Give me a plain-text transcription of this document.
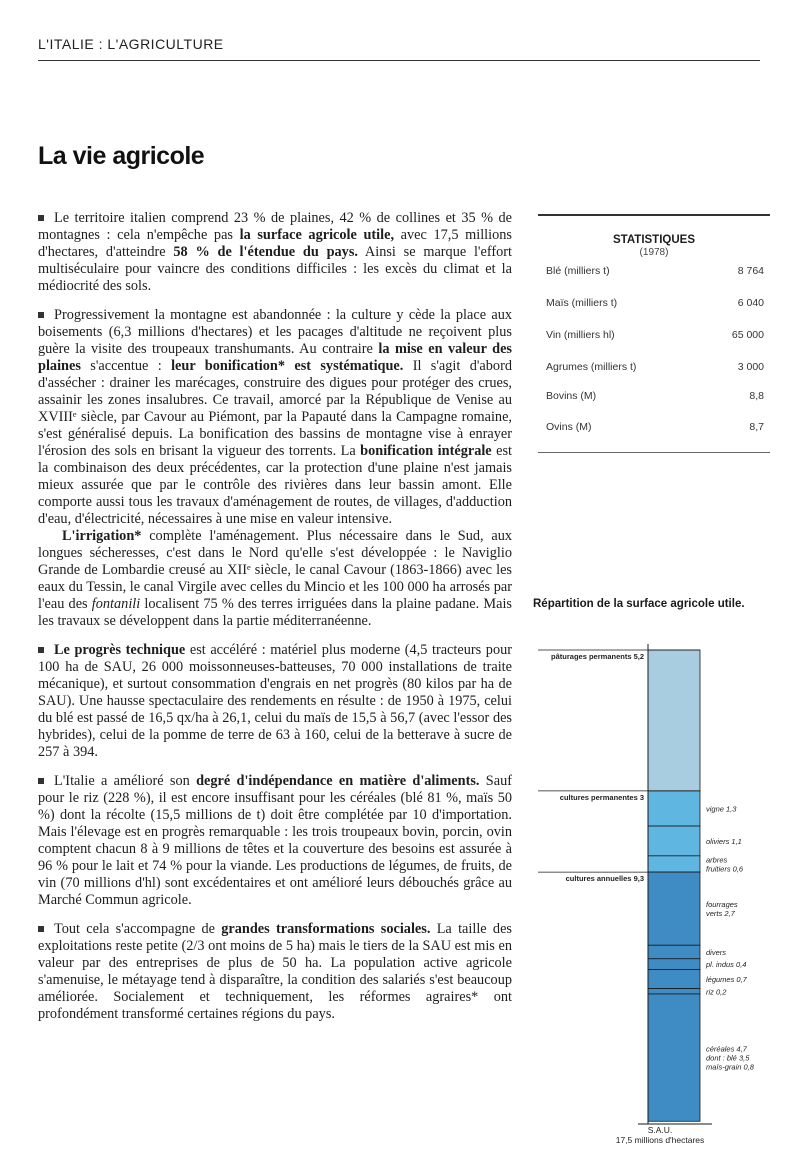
L'ITALIE : L'AGRICULTURE
La vie agricole

Le territoire italien comprend 23 % de plaines, 42 % de collines et 35 % de montagnes : cela n'empêche pas la surface agricole utile, avec 17,5 millions d'hectares, d'atteindre 58 % de l'étendue du pays. Ainsi se marque l'effort multiséculaire pour vaincre des conditions difficiles : les excès du climat et la médiocrité des sols.

Progressivement la montagne est abandonnée : la culture y cède la place aux boisements (6,3 millions d'hectares) et les pacages d'altitude ne reçoivent plus guère la visite des troupeaux transhumants. Au contraire la mise en valeur des plaines s'accentue : leur bonification* est systématique. Il s'agit d'abord d'assécher : drainer les marécages, construire des digues pour protéger des crues, assainir les zones insalubres. Ce travail, amorcé par la République de Venise au XVIIIᵉ siècle, par Cavour au Piémont, par la Papauté dans la Campagne romaine, s'est généralisé depuis. La bonification des bassins de montagne vise à enrayer l'érosion des sols en brisant la vigueur des torrents. La bonification intégrale est la combinaison des deux précédentes, car la protection d'une plaine n'est jamais mieux assurée que par le contrôle des rivières dans leur bassin amont. Elle comporte aussi tous les travaux d'aménagement de routes, de villages, d'adduction d'eau, d'électricité, nécessaires à une mise en valeur intensive.

L'irrigation* complète l'aménagement. Plus nécessaire dans le Sud, aux longues sécheresses, c'est dans le Nord qu'elle s'est développée : le Naviglio Grande de Lombardie creusé au XIIᵉ siècle, le canal Cavour (1863-1866) avec les eaux du Tessin, le canal Virgile avec celles du Mincio et les 100 000 ha arrosés par l'eau des fontanili localisent 75 % des terres irriguées dans la plaine padane. Mais les travaux se développent dans la partie méditerranéenne.

Le progrès technique est accéléré : matériel plus moderne (4,5 tracteurs pour 100 ha de SAU, 26 000 moissonneuses-batteuses, 70 000 installations de traite mécanique), et surtout consommation d'engrais en net progrès (80 kilos par ha de SAU). Une hausse spectaculaire des rendements en résulte : de 1950 à 1975, celui du blé est passé de 16,5 qx/ha à 26,1, celui du maïs de 15,5 à 56,7 (avec l'essor des hybrides), celui de la pomme de terre de 63 à 160, celui de la betterave à sucre de 257 à 394.

L'Italie a amélioré son degré d'indépendance en matière d'aliments. Sauf pour le riz (228 %), il est encore insuffisant pour les céréales (blé 81 %, maïs 50 %) dont la récolte (15,5 millions de t) doit être complétée par 10 d'importation. Mais l'élevage est en progrès remarquable : les trois troupeaux bovin, porcin, ovin comptent chacun 8 à 9 millions de têtes et la couverture des besoins est assurée à 96 % pour le lait et 74 % pour la viande. Les productions de légumes, de fruits, de vin (70 millions d'hl) sont excédentaires et ont amélioré leurs débouchés grâce au Marché Commun agricole.

Tout cela s'accompagne de grandes transformations sociales. La taille des exploitations reste petite (2/3 ont moins de 5 ha) mais le tiers de la SAU est mis en valeur par des entreprises de plus de 50 ha. La population active agricole s'amenuise, le métayage tend à disparaître, la condition des salariés s'est beaucoup améliorée. Socialement et techniquement, les réformes agraires* ont profondément transformé certaines régions du pays.

STATISTIQUES
(1978)
Blé (milliers t)	8 764
Maïs (milliers t)	6 040
Vin (milliers hl)	65 000
Agrumes (milliers t)	3 000
Bovins (M)	8,8
Ovins (M)	8,7
Répartition de la surface agricole utile.
pâturages permanents 5,2
cultures permanentes 3
cultures annuelles 9,3
vigne 1,3
oliviers 1,1
arbres fruitiers 0,6
fourrages verts 2,7
divers
pl. indus 0,4
légumes 0,7
riz 0,2
céréales 4,7 dont : blé 3,5 maïs-grain 0,8
S.A.U.
17,5 millions d'hectares
